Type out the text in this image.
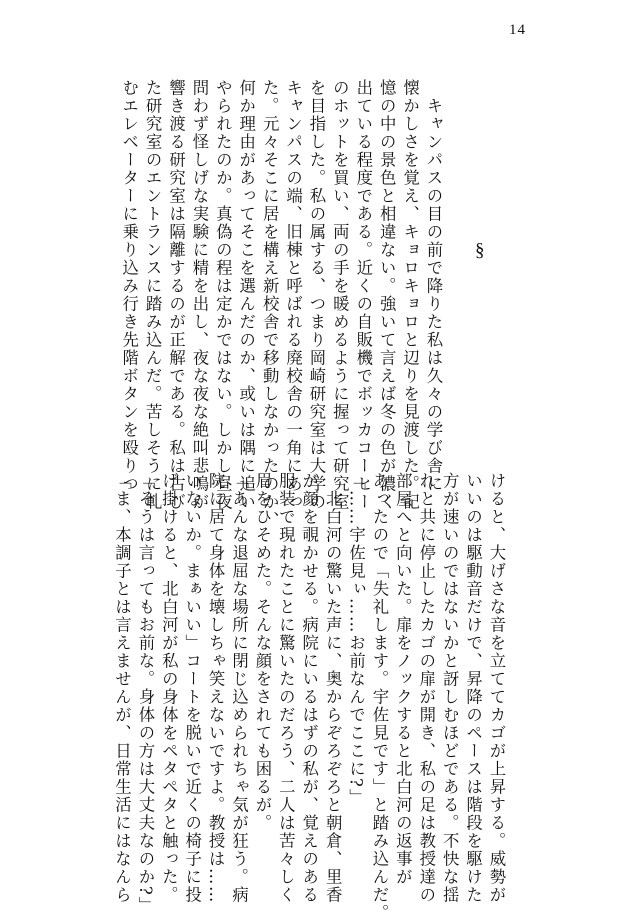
14
§

　キャンパスの目の前で降りた私は久々の学び舎に

懐かしさを覚え、キョロキョロと辺りを見渡した。記

憶の中の景色と相違ない。強いて言えば冬の色が濃く

出ている程度である。近くの自販機でボッカコーヒー

のホットを買い、両の手を暖めるように握って研究室

を目指した。私の属する、つまり岡崎研究室は大学の

キャンパスの端、旧棟と呼ばれる廃校舎の一角にあっ

た。元々そこに居を構え新校舎で移動しなかったのか、

何か理由があってそこを選んだのか、或いは隅に追い

やられたのか。真偽の程は定かではない。しかし昼夜

問わず怪しげな実験に精を出し、夜な夜な絶叫悲鳴が

響き渡る研究室は隔離するのが正解である。私は古び

た研究室のエントランスに踏み込んだ。苦しそうに軋

むエレベーターに乗り込み行き先階ボタンを殴りつ

けると、大げさな音を立ててカゴが上昇する。威勢が

いいのは駆動音だけで、昇降のペースは階段を駆けた

方が速いのではないかと訝しむほどである。不快な揺

れと共に停止したカゴの扉が開き、私の足は教授達の

部屋へと向いた。扉をノックすると北白河の返事が

あったので「失礼します。宇佐見です」と踏み込んだ。

「……宇佐見ぃ……お前なんでここに?」

　北白河の驚いた声に、奥からぞろぞろと朝倉、里香

が顔を覗かせる。病院にいるはずの私が、覚えのある

服装で現れたことに驚いたのだろう、二人は苦々しく

眉をひそめた。そんな顔をされても困るが。

「あんな退屈な場所に閉じ込められちゃ気が狂う。病

院に居て身体を壊しちゃ笑えないですよ。教授は……

いないか。まぁいい」コートを脱いで近くの椅子に投

げ掛けると、北白河が私の身体をペタペタと触った。

「そうは言ってもお前な。身体の方は大丈夫なのか?」

「ま、本調子とは言えませんが、日常生活にはなんら
